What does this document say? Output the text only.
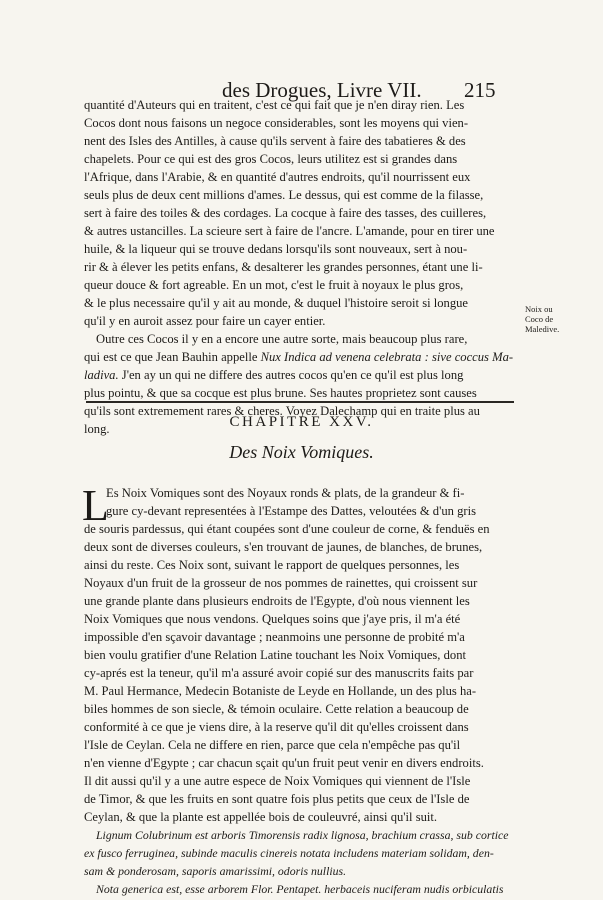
des Drogues, Livre VII. 215
quantité d'Auteurs qui en traitent, c'est ce qui fait que je n'en diray rien. Les
Cocos dont nous faisons un negoce considerables, sont les moyens qui vien-
nent des Isles des Antilles, à cause qu'ils servent à faire des tabatieres & des
chapelets. Pour ce qui est des gros Cocos, leurs utilitez est si grandes dans
l'Afrique, dans l'Arabie, & en quantité d'autres endroits, qu'il nourrissent eux
seuls plus de deux cent millions d'ames. Le dessus, qui est comme de la filasse,
sert à faire des toiles & des cordages. La cocque à faire des tasses, des cuilleres,
& autres ustancilles. La scieure sert à faire de l'ancre. L'amande, pour en tirer une
huile, & la liqueur qui se trouve dedans lorsqu'ils sont nouveaux, sert à nou-
rir & à élever les petits enfans, & desalterer les grandes personnes, étant une li-
queur douce & fort agreable. En un mot, c'est le fruit à noyaux le plus gros,
& le plus necessaire qu'il y ait au monde, & duquel l'histoire seroit si longue
qu'il y en auroit assez pour faire un cayer entier.
Outre ces Cocos il y en a encore une autre sorte, mais beaucoup plus rare,
qui est ce que Jean Bauhin appelle Nux Indica ad venena celebrata : sive coccus Ma-
ladiva. J'en ay un qui ne differe des autres cocos qu'en ce qu'il est plus long
plus pointu, & que sa cocque est plus brune. Ses hautes proprietez sont causes
qu'ils sont extremement rares & cheres. Voyez Dalechamp qui en traite plus au
long.
Noix ou
Coco de
Maledive.
CHAPITRE XXV.
Des Noix Vomiques.
L
Es Noix Vomiques sont des Noyaux ronds & plats, de la grandeur & fi-
gure cy-devant representées à l'Estampe des Dattes, veloutées & d'un gris
de souris pardessus, qui étant coupées sont d'une couleur de corne, & fenduës en
deux sont de diverses couleurs, s'en trouvant de jaunes, de blanches, de brunes,
ainsi du reste. Ces Noix sont, suivant le rapport de quelques personnes, les
Noyaux d'un fruit de la grosseur de nos pommes de rainettes, qui croissent sur
une grande plante dans plusieurs endroits de l'Egypte, d'où nous viennent les
Noix Vomiques que nous vendons. Quelques soins que j'aye pris, il m'a été
impossible d'en sçavoir davantage ; neanmoins une personne de probité m'a
bien voulu gratifier d'une Relation Latine touchant les Noix Vomiques, dont
cy-aprés est la teneur, qu'il m'a assuré avoir copié sur des manuscrits faits par
M. Paul Hermance, Medecin Botaniste de Leyde en Hollande, un des plus ha-
biles hommes de son siecle, & témoin oculaire. Cette relation a beaucoup de
conformité à ce que je viens dire, à la reserve qu'il dit qu'elles croissent dans
l'Isle de Ceylan. Cela ne differe en rien, parce que cela n'empêche pas qu'il
n'en vienne d'Egypte ; car chacun sçait qu'un fruit peut venir en divers endroits.
Il dit aussi qu'il y a une autre espece de Noix Vomiques qui viennent de l'Isle
de Timor, & que les fruits en sont quatre fois plus petits que ceux de l'Isle de
Ceylan, & que la plante est appellée bois de couleuvré, ainsi qu'il suit.
Lignum Colubrinum est arboris Timorensis radix lignosa, brachium crassa, sub cortice
ex fusco ferruginea, subinde maculis cinereis notata includens materiam solidam, den-
sam & ponderosam, saporis amarissimi, odoris nullius.
Nota generica est, esse arborem Flor. Pentapet. herbaceis nuciferam nudis orbiculatis
